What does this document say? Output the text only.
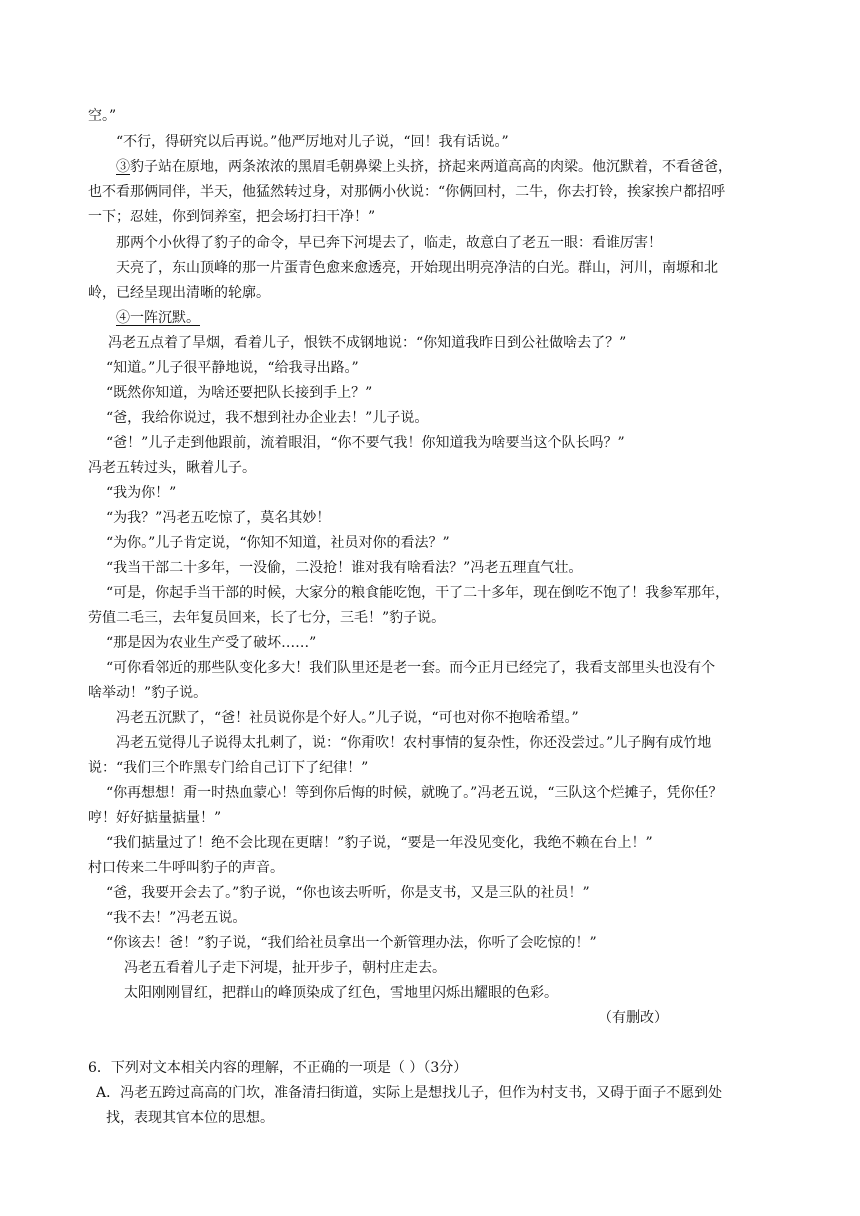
空。”
“不行，得研究以后再说。”他严厉地对儿子说，“回！我有话说。”
③豹子站在原地，两条浓浓的黑眉毛朝鼻梁上头挤，挤起来两道高高的肉梁。他沉默着，不看爸爸，
也不看那俩同伴，半天，他猛然转过身，对那俩小伙说：“你俩回村，二牛，你去打铃，挨家挨户都招呼
一下；忍娃，你到饲养室，把会场打扫干净！”
那两个小伙得了豹子的命令，早已奔下河堤去了，临走，故意白了老五一眼：看谁厉害！
天亮了，东山顶峰的那一片蛋青色愈来愈透亮，开始现出明亮净洁的白光。群山，河川，南塬和北
岭，已经呈现出清晰的轮廓。
④一阵沉默。
冯老五点着了旱烟，看着儿子，恨铁不成钢地说：“你知道我昨日到公社做啥去了？”
“知道。”儿子很平静地说，“给我寻出路。”
“既然你知道，为啥还要把队长接到手上？”
“爸，我给你说过，我不想到社办企业去！”儿子说。
“爸！”儿子走到他跟前，流着眼泪，“你不要气我！你知道我为啥要当这个队长吗？”
冯老五转过头，瞅着儿子。
“我为你！”
“为我？”冯老五吃惊了，莫名其妙！
“为你。”儿子肯定说，“你知不知道，社员对你的看法？”
“我当干部二十多年，一没偷，二没抢！谁对我有啥看法？”冯老五理直气壮。
“可是，你起手当干部的时候，大家分的粮食能吃饱，干了二十多年，现在倒吃不饱了！我参军那年，
劳值二毛三，去年复员回来，长了七分，三毛！”豹子说。
“那是因为农业生产受了破坏……”
“可你看邻近的那些队变化多大！我们队里还是老一套。而今正月已经完了，我看支部里头也没有个
啥举动！”豹子说。
冯老五沉默了，“爸！社员说你是个好人。”儿子说，“可也对你不抱啥希望。”
冯老五觉得儿子说得太扎刺了，说：“你甭吹！农村事情的复杂性，你还没尝过。”儿子胸有成竹地
说：“我们三个昨黑专门给自己订下了纪律！”
“你再想想！甭一时热血蒙心！等到你后悔的时候，就晚了。”冯老五说，“三队这个烂摊子，凭你任？
哼！好好掂量掂量！”
“我们掂量过了！绝不会比现在更瞎！”豹子说，“要是一年没见变化，我绝不赖在台上！”
村口传来二牛呼叫豹子的声音。
“爸，我要开会去了。”豹子说，“你也该去听听，你是支书，又是三队的社员！”
“我不去！”冯老五说。
“你该去！爸！”豹子说，“我们给社员拿出一个新管理办法，你听了会吃惊的！”
冯老五看着儿子走下河堤，扯开步子，朝村庄走去。
太阳刚刚冒红，把群山的峰顶染成了红色，雪地里闪烁出耀眼的色彩。
（有删改）
6．下列对文本相关内容的理解，不正确的一项是（ ）（3分）
A．冯老五跨过高高的门坎，准备清扫街道，实际上是想找儿子，但作为村支书，又碍于面子不愿到处
找，表现其官本位的思想。
